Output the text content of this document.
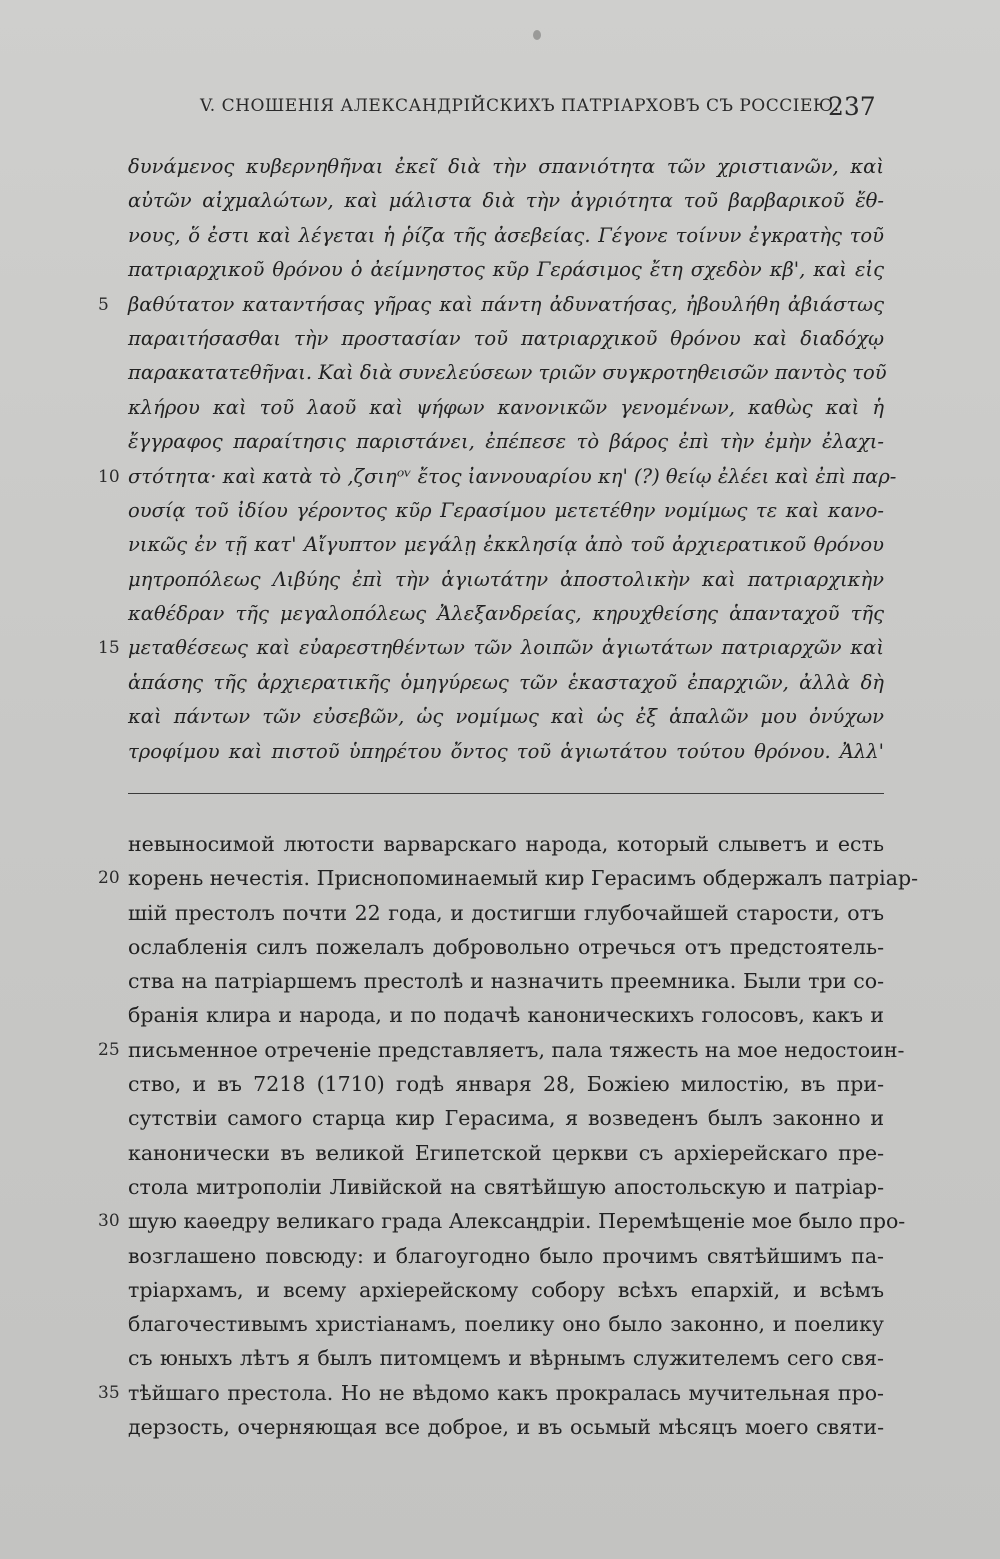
V. СНОШЕНІЯ АЛЕКСАНДРІЙСКИХЪ ПАТРІАРХОВЪ СЪ РОССІЕЮ.
237
δυνάμενος κυβερνηθῆναι ἐκεῖ διὰ τὴν σπανιότητα τῶν χριστιανῶν, καὶ
αὐτῶν αἰχμαλώτων, καὶ μάλιστα διὰ τὴν ἀγριότητα τοῦ βαρβαρικοῦ ἔθ-
νους, ὅ ἐστι καὶ λέγεται ἡ ῥίζα τῆς ἀσεβείας. Γέγονε τοίνυν ἐγκρατὴς τοῦ
πατριαρχικοῦ θρόνου ὁ ἀείμνηστος κῦρ Γεράσιμος ἔτη σχεδὸν κβ', καὶ εἰς
5 βαθύτατον καταντήσας γῆρας καὶ πάντη ἀδυνατήσας, ἠβουλήθη ἀβιάστως
παραιτήσασθαι τὴν προστασίαν τοῦ πατριαρχικοῦ θρόνου καὶ διαδόχῳ
παρακατατεθῆναι. Καὶ διὰ συνελεύσεων τριῶν συγκροτηθεισῶν παντὸς τοῦ
κλήρου καὶ τοῦ λαοῦ καὶ ψήφων κανονικῶν γενομένων, καθὼς καὶ ἡ
ἔγγραφος παραίτησις παριστάνει, ἐπέπεσε τὸ βάρος ἐπὶ τὴν ἐμὴν ἐλαχι-
10 στότητα· καὶ κατὰ τὸ ‚ζσιηᵒᵛ ἔτος ἰαννουαρίου κη' (?) θείῳ ἐλέει καὶ ἐπὶ παρ-
ουσίᾳ τοῦ ἰδίου γέροντος κῦρ Γερασίμου μετετέθην νομίμως τε καὶ κανο-
νικῶς ἐν τῇ κατ' Αἴγυπτον μεγάλῃ ἐκκλησίᾳ ἀπὸ τοῦ ἀρχιερατικοῦ θρόνου
μητροπόλεως Λιβύης ἐπὶ τὴν ἁγιωτάτην ἀποστολικὴν καὶ πατριαρχικὴν
καθέδραν τῆς μεγαλοπόλεως Ἀλεξανδρείας, κηρυχθείσης ἁπανταχοῦ τῆς
15 μεταθέσεως καὶ εὐαρεστηθέντων τῶν λοιπῶν ἁγιωτάτων πατριαρχῶν καὶ
ἁπάσης τῆς ἀρχιερατικῆς ὁμηγύρεως τῶν ἑκασταχοῦ ἐπαρχιῶν, ἀλλὰ δὴ
καὶ πάντων τῶν εὐσεβῶν, ὡς νομίμως καὶ ὡς ἐξ ἁπαλῶν μου ὀνύχων
τροφίμου καὶ πιστοῦ ὑπηρέτου ὄντος τοῦ ἁγιωτάτου τούτου θρόνου. Ἀλλ'
невыносимой лютости варварскаго народа, который слыветъ и есть
20 корень нечестія. Приснопоминаемый кир Герасимъ обдержалъ патріар-
шій престолъ почти 22 года, и достигши глубочайшей старости, отъ
ослабленія силъ пожелалъ добровольно отречься отъ предстоятель-
ства на патріаршемъ престолѣ и назначить преемника. Были три со-
бранія клира и народа, и по подачѣ каноническихъ голосовъ, какъ и
25 письменное отреченіе представляетъ, пала тяжесть на мое недостоин-
ство, и въ 7218 (1710) годѣ января 28, Божіею милостію, въ при-
сутствіи самого старца кир Герасима, я возведенъ былъ законно и
канонически въ великой Египетской церкви съ архіерейскаго пре-
стола митрополіи Ливійской на святѣйшую апостольскую и патріар-
30 шую каѳедру великаго града Алексаңдріи. Перемѣщеніе мое было про-
возглашено повсюду: и благоугодно было прочимъ святѣйшимъ па-
тріархамъ, и всему архіерейскому собору всѣхъ епархій, и всѣмъ
благочестивымъ христіанамъ, поелику оно было законно, и поелику
съ юныхъ лѣтъ я былъ питомцемъ и вѣрнымъ служителемъ сего свя-
35 тѣйшаго престола. Но не вѣдомо какъ прокралась мучительная про-
дерзость, очерняющая все доброе, и въ осьмый мѣсяцъ моего святи-
